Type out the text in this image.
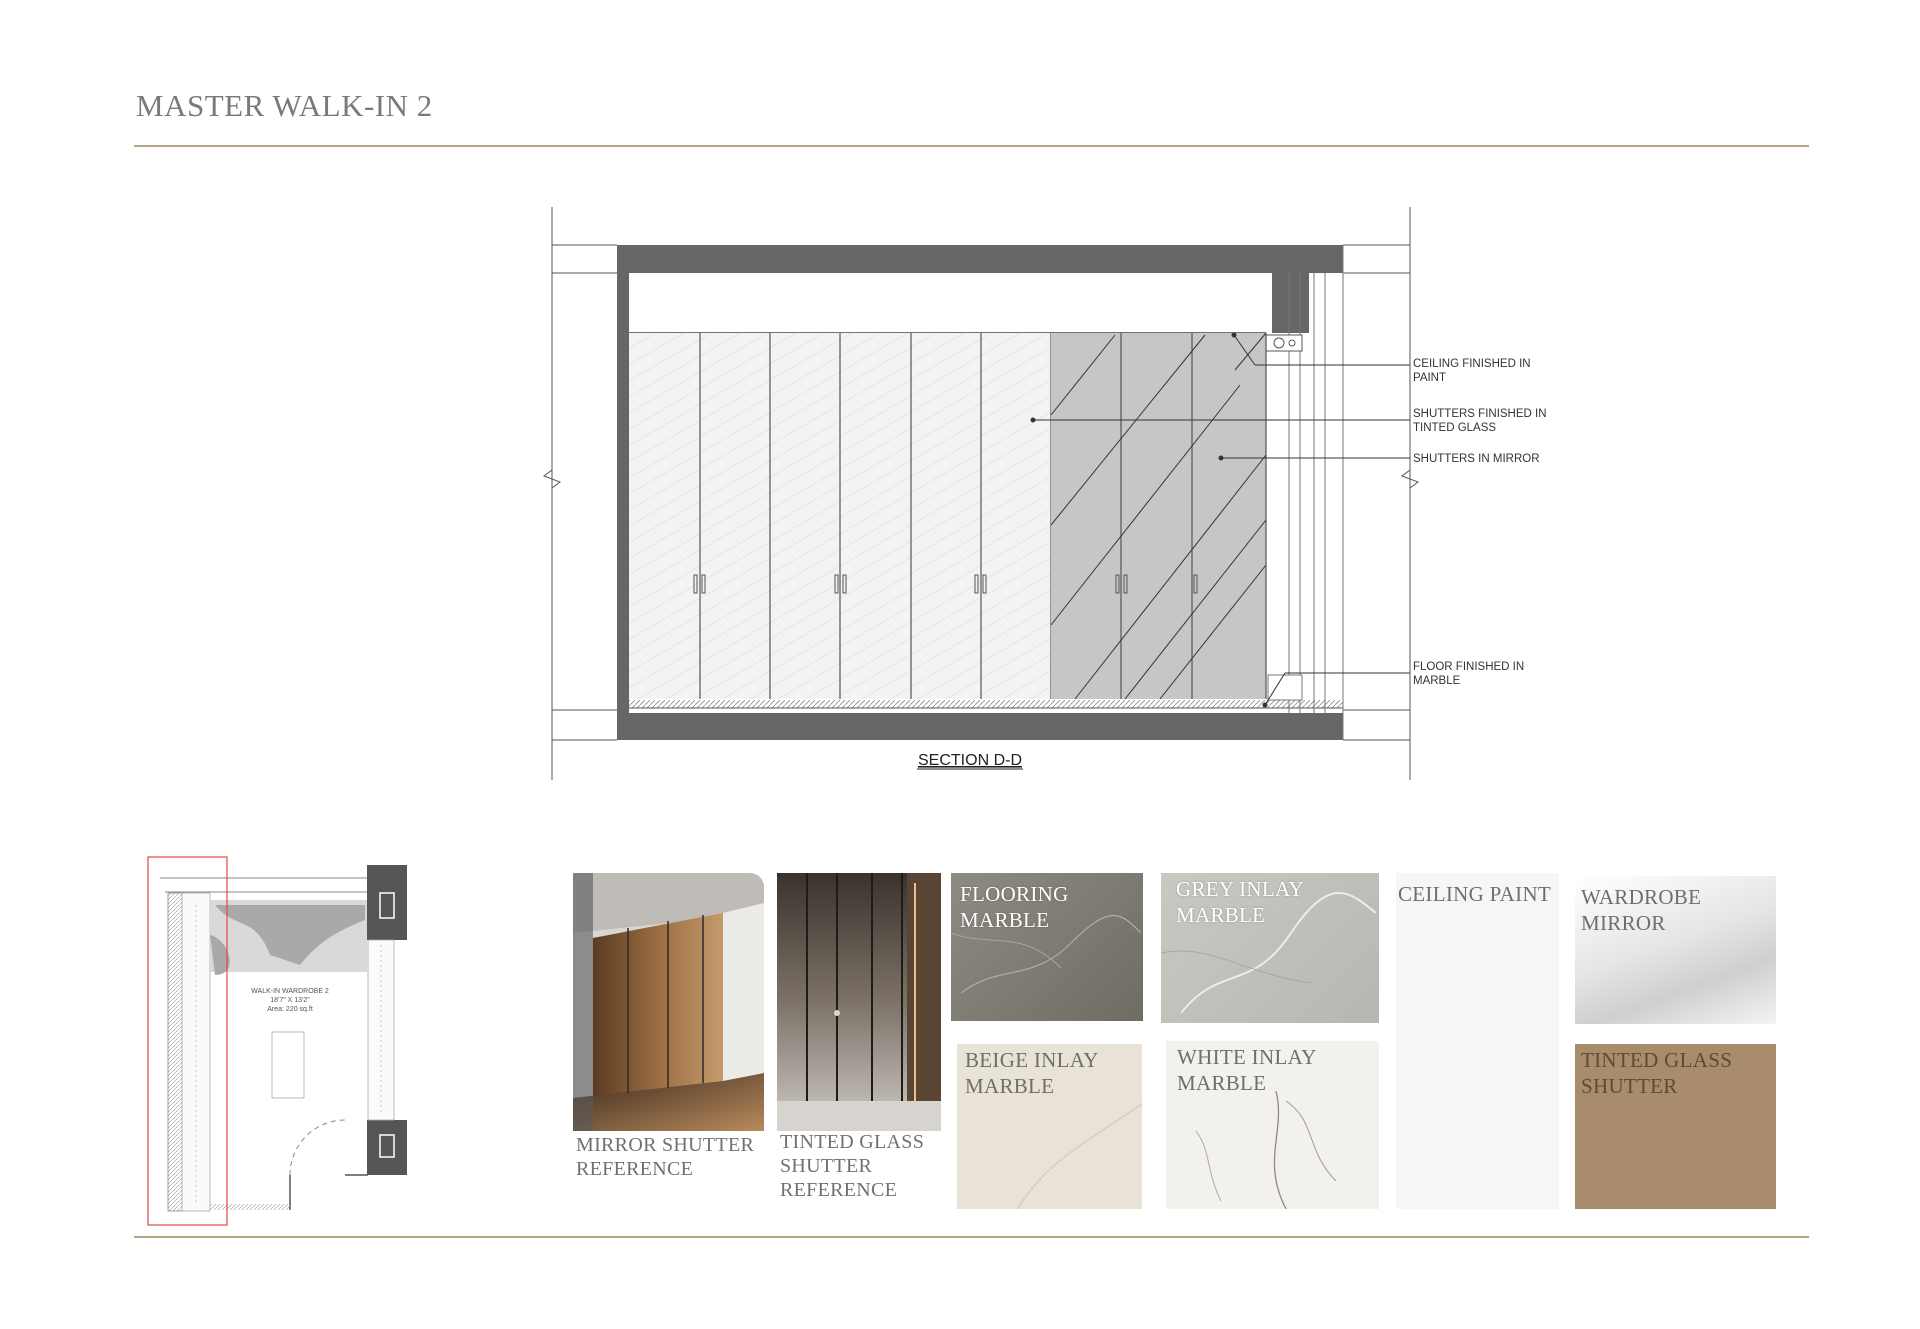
MASTER WALK-IN 2
CEILING FINISHED IN
PAINT
SHUTTERS FINISHED IN
TINTED GLASS
SHUTTERS IN MIRROR
FLOOR FINISHED IN
MARBLE
SECTION D-D
WALK-IN WARDROBE 2
18'7" X 13'2"
Area: 220 sq.ft
MIRROR SHUTTER REFERENCE
TINTED GLASS SHUTTER REFERENCE
FLOORING MARBLE
GREY INLAY MARBLE
BEIGE INLAY MARBLE
WHITE INLAY MARBLE
CEILING PAINT	WARDROBE MIRROR
TINTED GLASS SHUTTER
